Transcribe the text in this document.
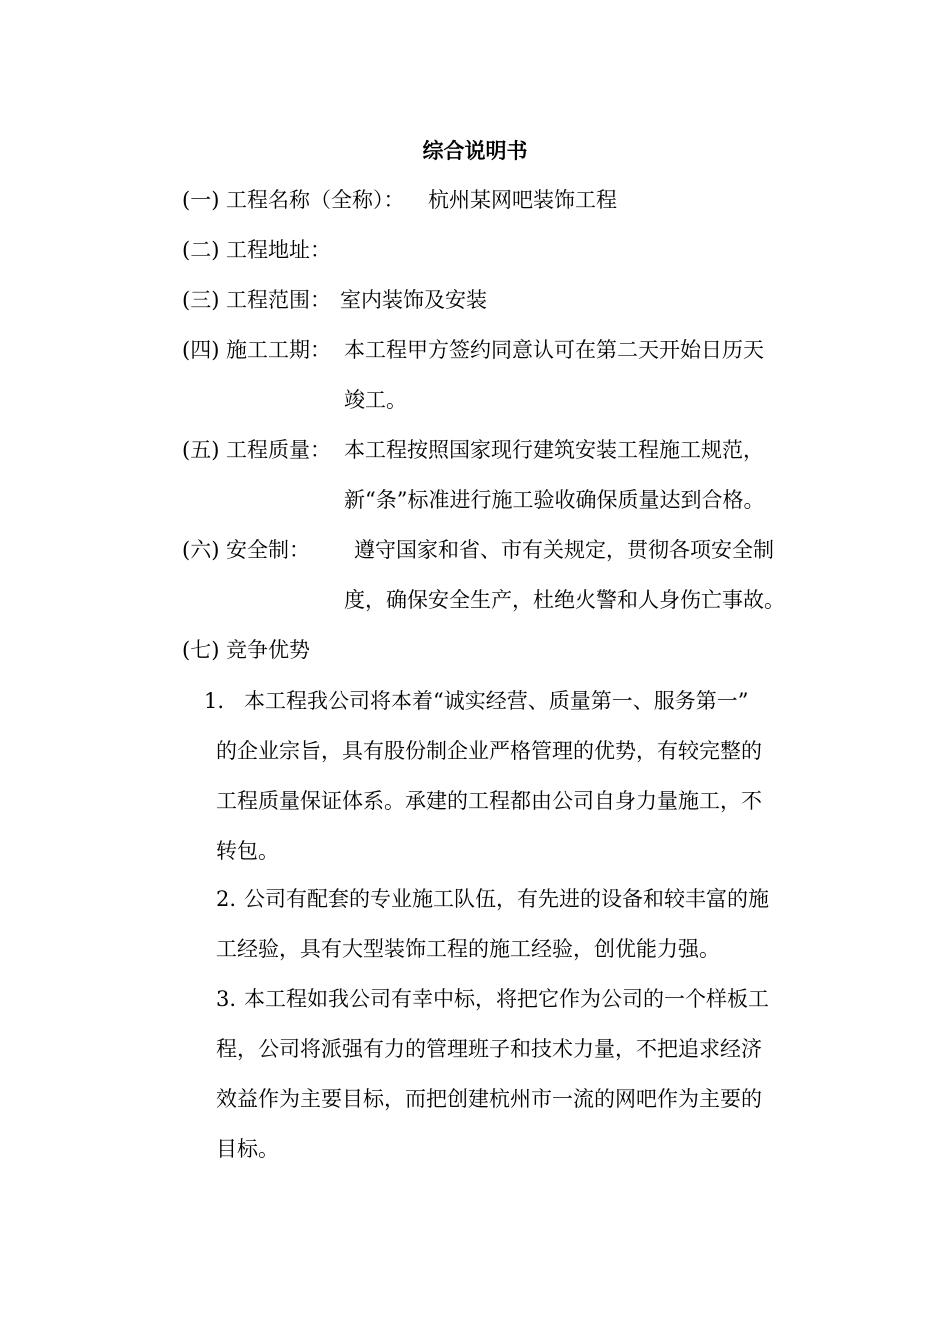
综合说明书
(一) 工程名称（全称）： 杭州某网吧装饰工程
(二) 工程地址：
(三) 工程范围： 室内装饰及安装
(四) 施工工期： 本工程甲方签约同意认可在第二天开始日历天
竣工。
(五) 工程质量： 本工程按照国家现行建筑安装工程施工规范，
新“条”标准进行施工验收确保质量达到合格。
(六) 安全制： 遵守国家和省、市有关规定，贯彻各项安全制
度，确保安全生产，杜绝火警和人身伤亡事故。
(七) 竞争优势
1. 本工程我公司将本着“诚实经营、质量第一、服务第一”
的企业宗旨，具有股份制企业严格管理的优势，有较完整的
工程质量保证体系。承建的工程都由公司自身力量施工，不
转包。
2. 公司有配套的专业施工队伍，有先进的设备和较丰富的施
工经验，具有大型装饰工程的施工经验，创优能力强。
3. 本工程如我公司有幸中标，将把它作为公司的一个样板工
程，公司将派强有力的管理班子和技术力量，不把追求经济
效益作为主要目标，而把创建杭州市一流的网吧作为主要的
目标。
